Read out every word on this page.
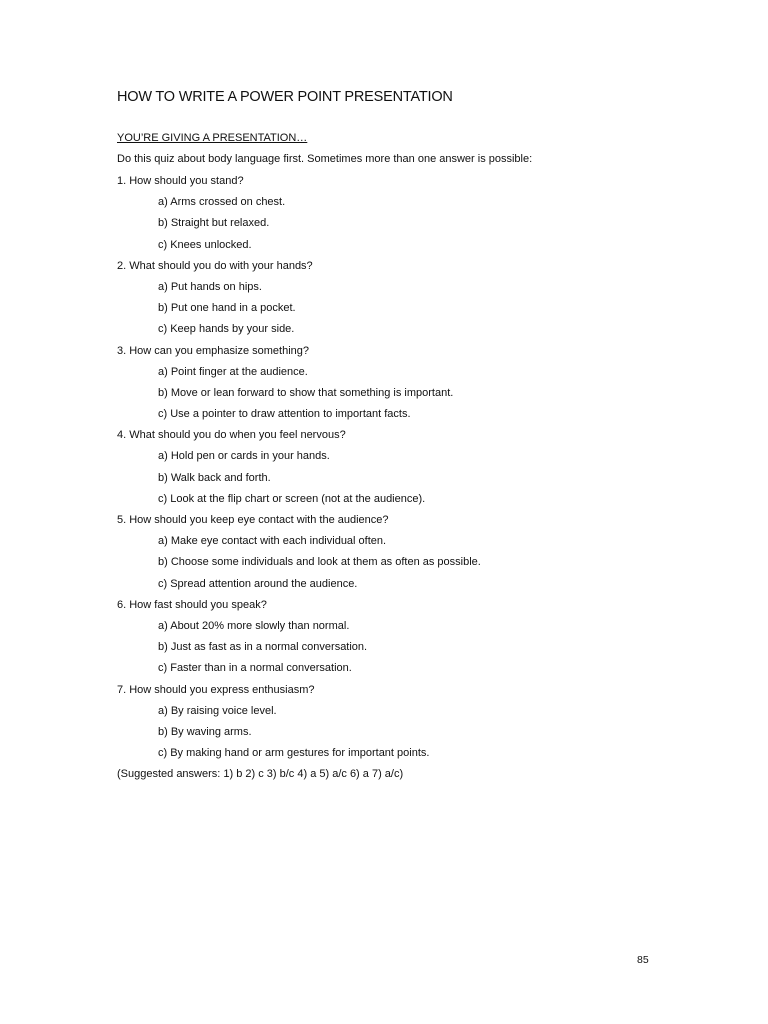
HOW TO WRITE A POWER POINT PRESENTATION
YOU’RE GIVING A PRESENTATION…
Do this quiz about body language first. Sometimes more than one answer is possible:
1. How should you stand?
a) Arms crossed on chest.
b) Straight but relaxed.
c) Knees unlocked.
2. What should you do with your hands?
a) Put hands on hips.
b) Put one hand in a pocket.
c) Keep hands by your side.
3. How can you emphasize something?
a) Point finger at the audience.
b) Move or lean forward to show that something is important.
c) Use a pointer to draw attention to important facts.
4. What should you do when you feel nervous?
a) Hold pen or cards in your hands.
b) Walk back and forth.
c) Look at the flip chart or screen (not at the audience).
5. How should you keep eye contact with the audience?
a) Make eye contact with each individual often.
b) Choose some individuals and look at them as often as possible.
c) Spread attention around the audience.
6. How fast should you speak?
a) About 20% more slowly than normal.
b) Just as fast as in a normal conversation.
c) Faster than in a normal conversation.
7. How should you express enthusiasm?
a) By raising voice level.
b) By waving arms.
c) By making hand or arm gestures for important points.
(Suggested answers: 1) b 2) c 3) b/c 4) a 5) a/c 6) a 7) a/c)
85
